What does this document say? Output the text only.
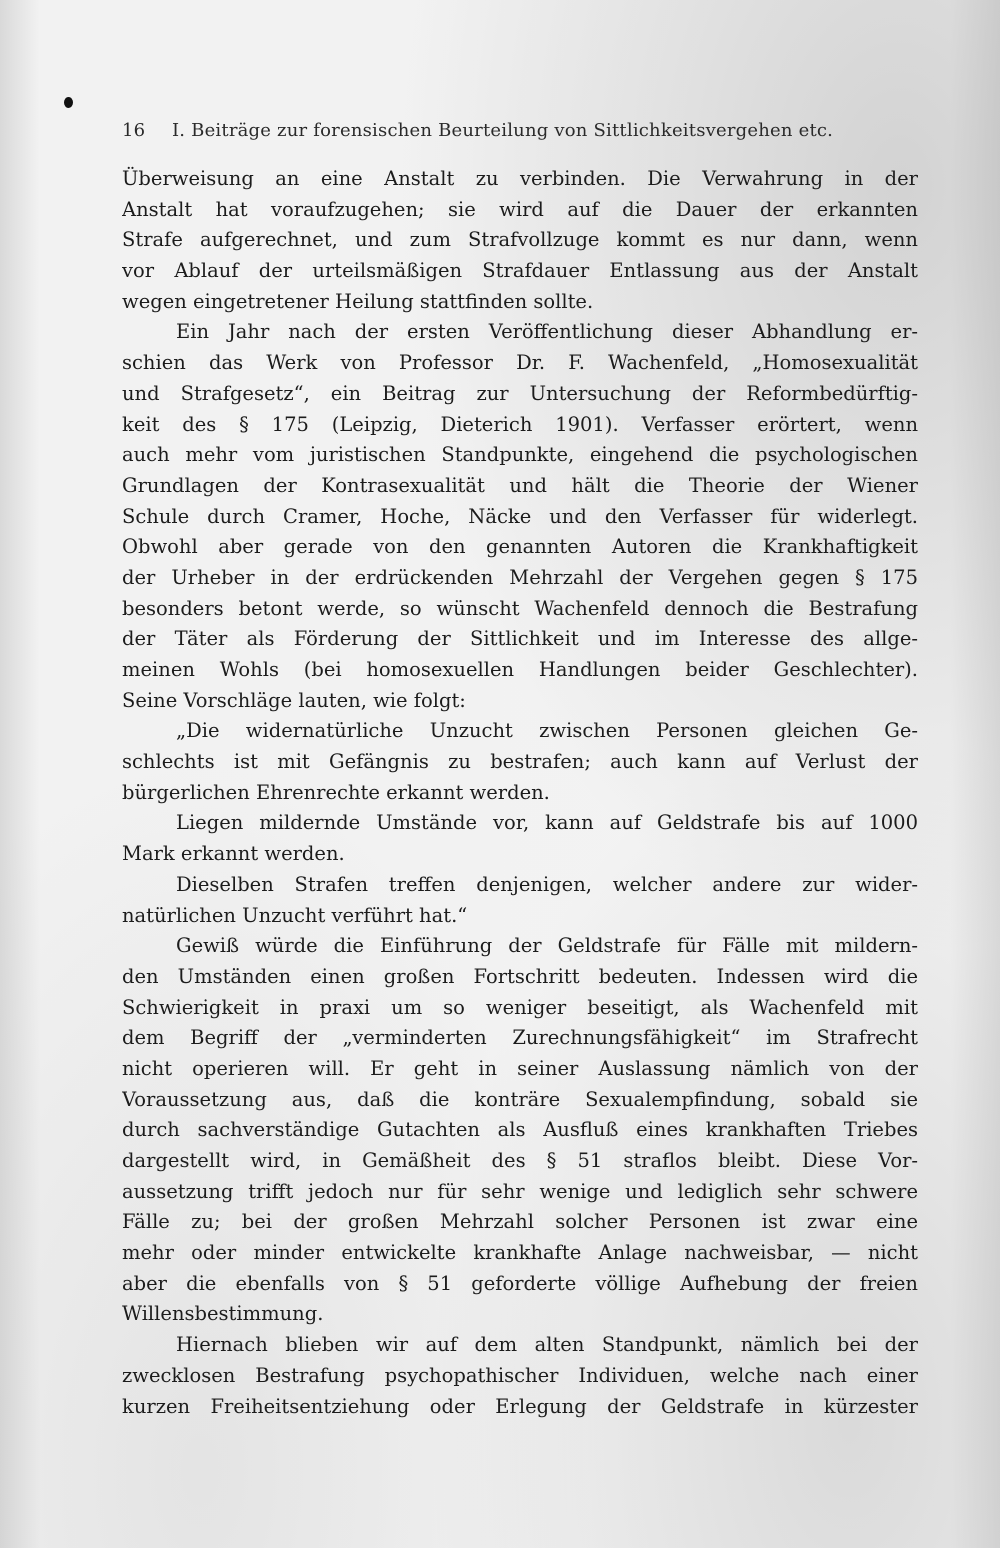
16 I. Beiträge zur forensischen Beurteilung von Sittlichkeitsvergehen etc.
Überweisung an eine Anstalt zu verbinden. Die Verwahrung in der
Anstalt hat voraufzugehen; sie wird auf die Dauer der erkannten
Strafe aufgerechnet, und zum Strafvollzuge kommt es nur dann, wenn
vor Ablauf der urteilsmäßigen Strafdauer Entlassung aus der Anstalt
wegen eingetretener Heilung stattfinden sollte.
Ein Jahr nach der ersten Veröffentlichung dieser Abhandlung er-
schien das Werk von Professor Dr. F. Wachenfeld, „Homosexualität
und Strafgesetz“, ein Beitrag zur Untersuchung der Reformbedürftig-
keit des § 175 (Leipzig, Dieterich 1901). Verfasser erörtert, wenn
auch mehr vom juristischen Standpunkte, eingehend die psychologischen
Grundlagen der Kontrasexualität und hält die Theorie der Wiener
Schule durch Cramer, Hoche, Näcke und den Verfasser für widerlegt.
Obwohl aber gerade von den genannten Autoren die Krankhaftigkeit
der Urheber in der erdrückenden Mehrzahl der Vergehen gegen § 175
besonders betont werde, so wünscht Wachenfeld dennoch die Bestrafung
der Täter als Förderung der Sittlichkeit und im Interesse des allge-
meinen Wohls (bei homosexuellen Handlungen beider Geschlechter).
Seine Vorschläge lauten, wie folgt:
„Die widernatürliche Unzucht zwischen Personen gleichen Ge-
schlechts ist mit Gefängnis zu bestrafen; auch kann auf Verlust der
bürgerlichen Ehrenrechte erkannt werden.
Liegen mildernde Umstände vor, kann auf Geldstrafe bis auf 1000
Mark erkannt werden.
Dieselben Strafen treffen denjenigen, welcher andere zur wider-
natürlichen Unzucht verführt hat.“
Gewiß würde die Einführung der Geldstrafe für Fälle mit mildern-
den Umständen einen großen Fortschritt bedeuten. Indessen wird die
Schwierigkeit in praxi um so weniger beseitigt, als Wachenfeld mit
dem Begriff der „verminderten Zurechnungsfähigkeit“ im Strafrecht
nicht operieren will. Er geht in seiner Auslassung nämlich von der
Voraussetzung aus, daß die konträre Sexualempfindung, sobald sie
durch sachverständige Gutachten als Ausfluß eines krankhaften Triebes
dargestellt wird, in Gemäßheit des § 51 straflos bleibt. Diese Vor-
aussetzung trifft jedoch nur für sehr wenige und lediglich sehr schwere
Fälle zu; bei der großen Mehrzahl solcher Personen ist zwar eine
mehr oder minder entwickelte krankhafte Anlage nachweisbar, — nicht
aber die ebenfalls von § 51 geforderte völlige Aufhebung der freien
Willensbestimmung.
Hiernach blieben wir auf dem alten Standpunkt, nämlich bei der
zwecklosen Bestrafung psychopathischer Individuen, welche nach einer
kurzen Freiheitsentziehung oder Erlegung der Geldstrafe in kürzester
